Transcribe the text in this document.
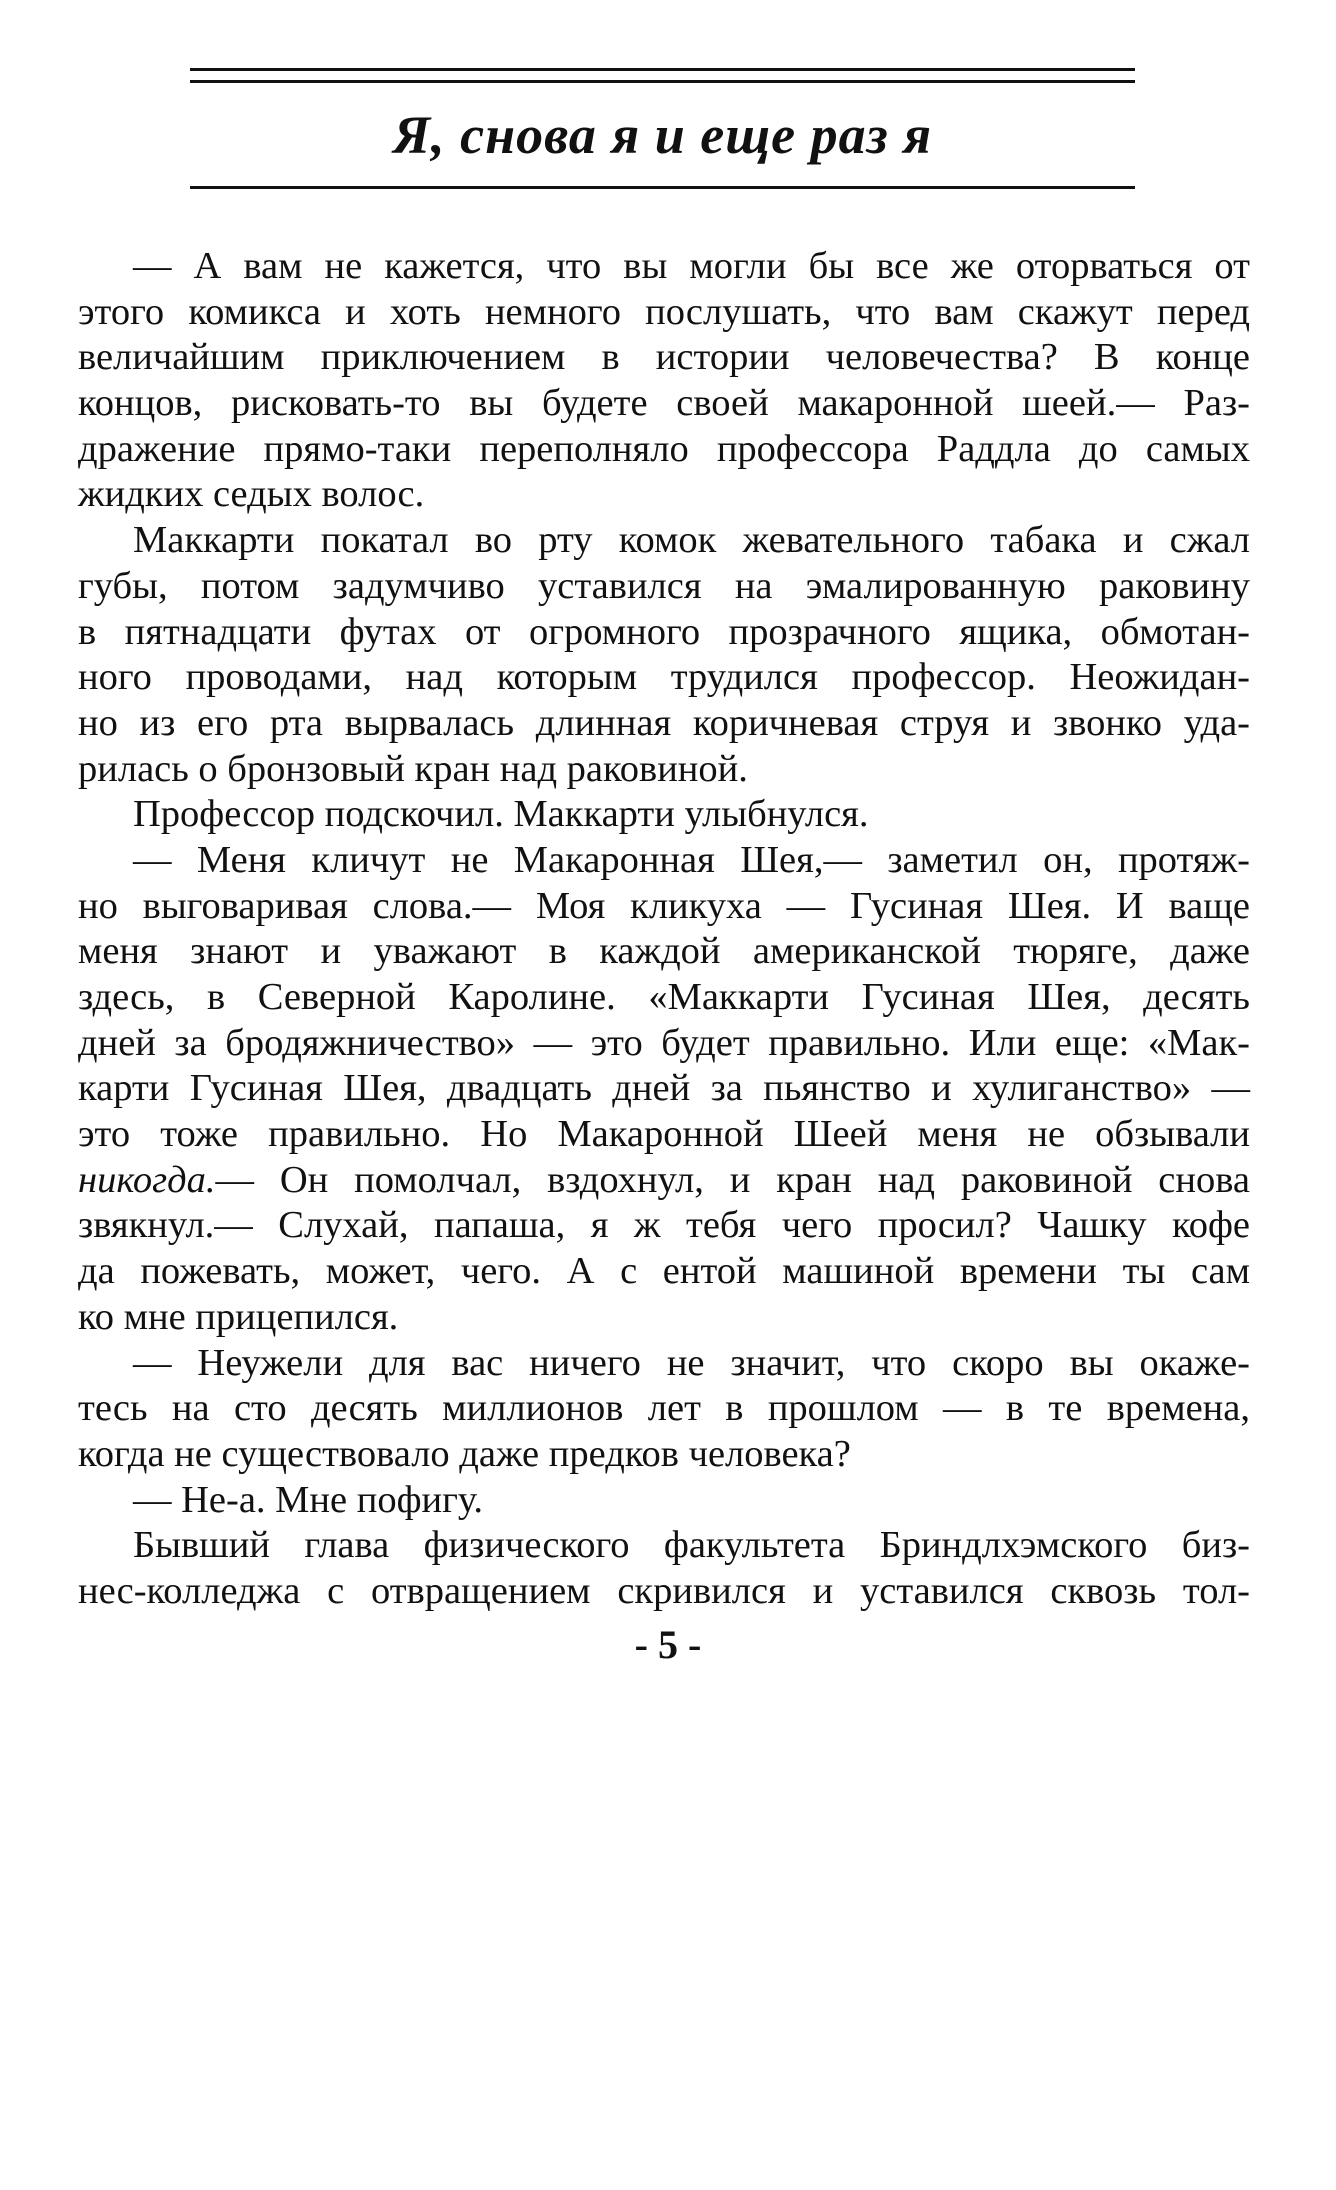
Я, снова я и еще раз я
— А вам не кажется, что вы могли бы все же оторваться от
этого комикса и хоть немного послушать, что вам скажут перед
величайшим приключением в истории человечества? В конце
концов, рисковать-то вы будете своей макаронной шеей.— Раз-
дражение прямо-таки переполняло профессора Раддла до самых
жидких седых волос.
Маккарти покатал во рту комок жевательного табака и сжал
губы, потом задумчиво уставился на эмалированную раковину
в пятнадцати футах от огромного прозрачного ящика, обмотан-
ного проводами, над которым трудился профессор. Неожидан-
но из его рта вырвалась длинная коричневая струя и звонко уда-
рилась о бронзовый кран над раковиной.
Профессор подскочил. Маккарти улыбнулся.
— Меня кличут не Макаронная Шея,— заметил он, протяж-
но выговаривая слова.— Моя кликуха — Гусиная Шея. И ваще
меня знают и уважают в каждой американской тюряге, даже
здесь, в Северной Каролине. «Маккарти Гусиная Шея, десять
дней за бродяжничество» — это будет правильно. Или еще: «Мак-
карти Гусиная Шея, двадцать дней за пьянство и хулиганство» —
это тоже правильно. Но Макаронной Шеей меня не обзывали
никогда.— Он помолчал, вздохнул, и кран над раковиной снова
звякнул.— Слухай, папаша, я ж тебя чего просил? Чашку кофе
да пожевать, может, чего. А с ентой машиной времени ты сам
ко мне прицепился.
— Неужели для вас ничего не значит, что скоро вы окаже-
тесь на сто десять миллионов лет в прошлом — в те времена,
когда не существовало даже предков человека?
— Не-а. Мне пофигу.
Бывший глава физического факультета Бриндлхэмского биз-
нес-колледжа с отвращением скривился и уставился сквозь тол-
- 5 -
